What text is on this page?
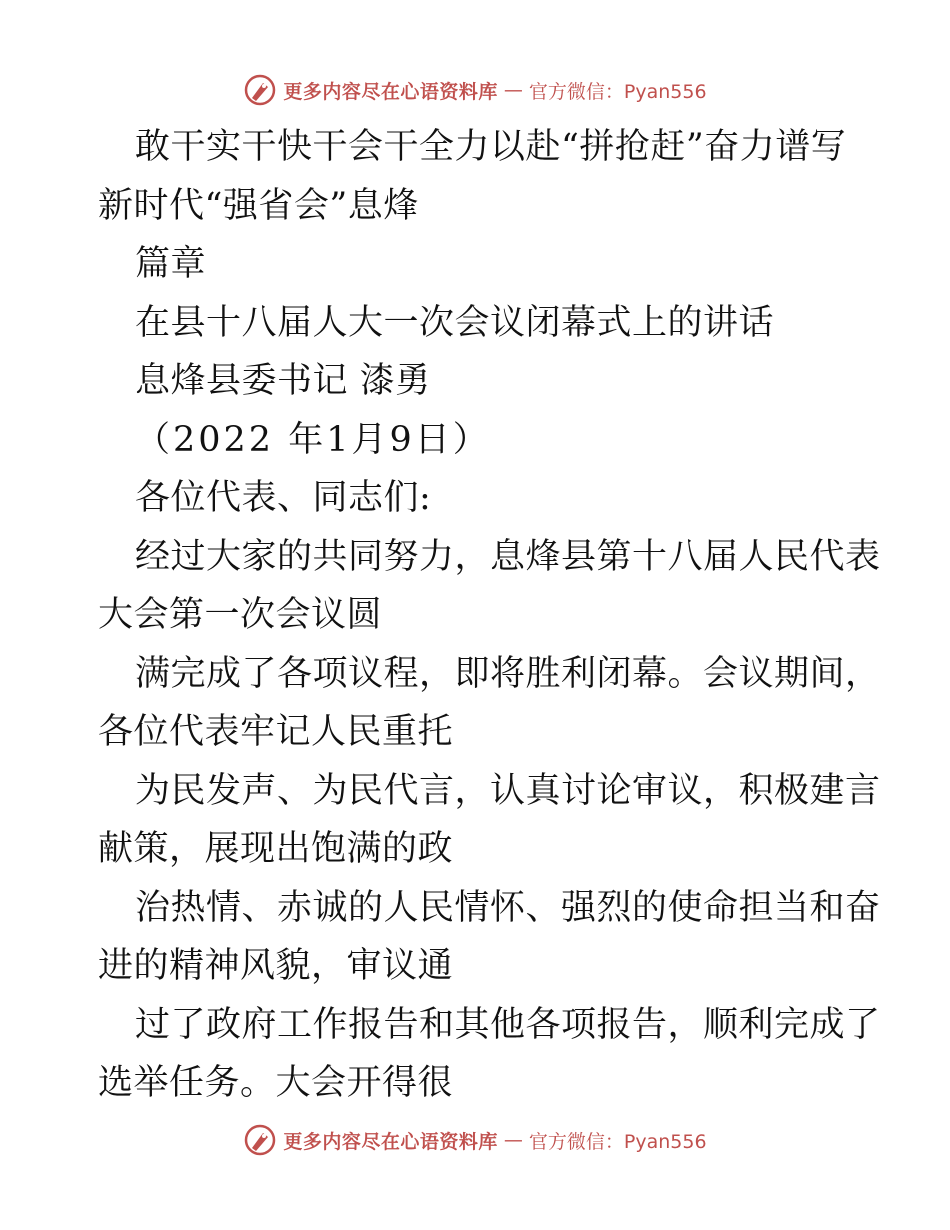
更多内容尽在心语资料库 — 官方微信：Pyan556
敢干实干快干会干全力以赴“拼抢赶”奋力谱写
新时代“强省会”息烽
篇章
在县十八届人大一次会议闭幕式上的讲话
息烽县委书记 漆勇
（2022 年1月9日）
各位代表、同志们:
经过大家的共同努力，息烽县第十八届人民代表
大会第一次会议圆
满完成了各项议程，即将胜利闭幕。会议期间，
各位代表牢记人民重托
为民发声、为民代言，认真讨论审议，积极建言
献策，展现出饱满的政
治热情、赤诚的人民情怀、强烈的使命担当和奋
进的精神风貌，审议通
过了政府工作报告和其他各项报告，顺利完成了
选举任务。大会开得很
更多内容尽在心语资料库 — 官方微信：Pyan556
